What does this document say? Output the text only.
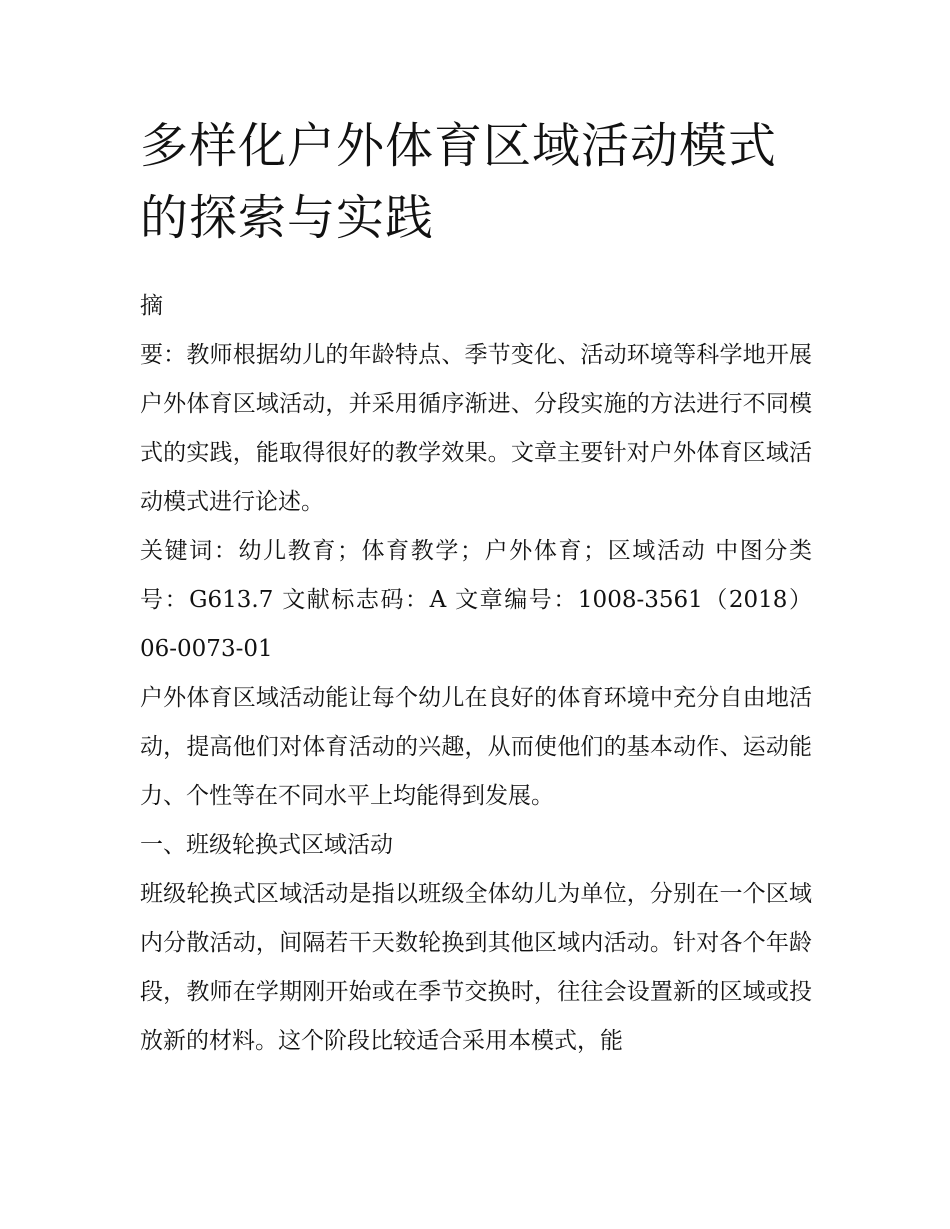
多样化户外体育区域活动模式的探索与实践

摘

要：教师根据幼儿的年龄特点、季节变化、活动环境等科学地开展户外体育区域活动，并采用循序渐进、分段实施的方法进行不同模式的实践，能取得很好的教学效果。文章主要针对户外体育区域活动模式进行论述。

关键词：幼儿教育；体育教学；户外体育；区域活动 中图分类号：G613.7 文献标志码：A 文章编号：1008-3561（2018）06-0073-01

户外体育区域活动能让每个幼儿在良好的体育环境中充分自由地活动，提高他们对体育活动的兴趣，从而使他们的基本动作、运动能力、个性等在不同水平上均能得到发展。

一、班级轮换式区域活动

班级轮换式区域活动是指以班级全体幼儿为单位，分别在一个区域内分散活动，间隔若干天数轮换到其他区域内活动。针对各个年龄段，教师在学期刚开始或在季节交换时，往往会设置新的区域或投放新的材料。这个阶段比较适合采用本模式，能
